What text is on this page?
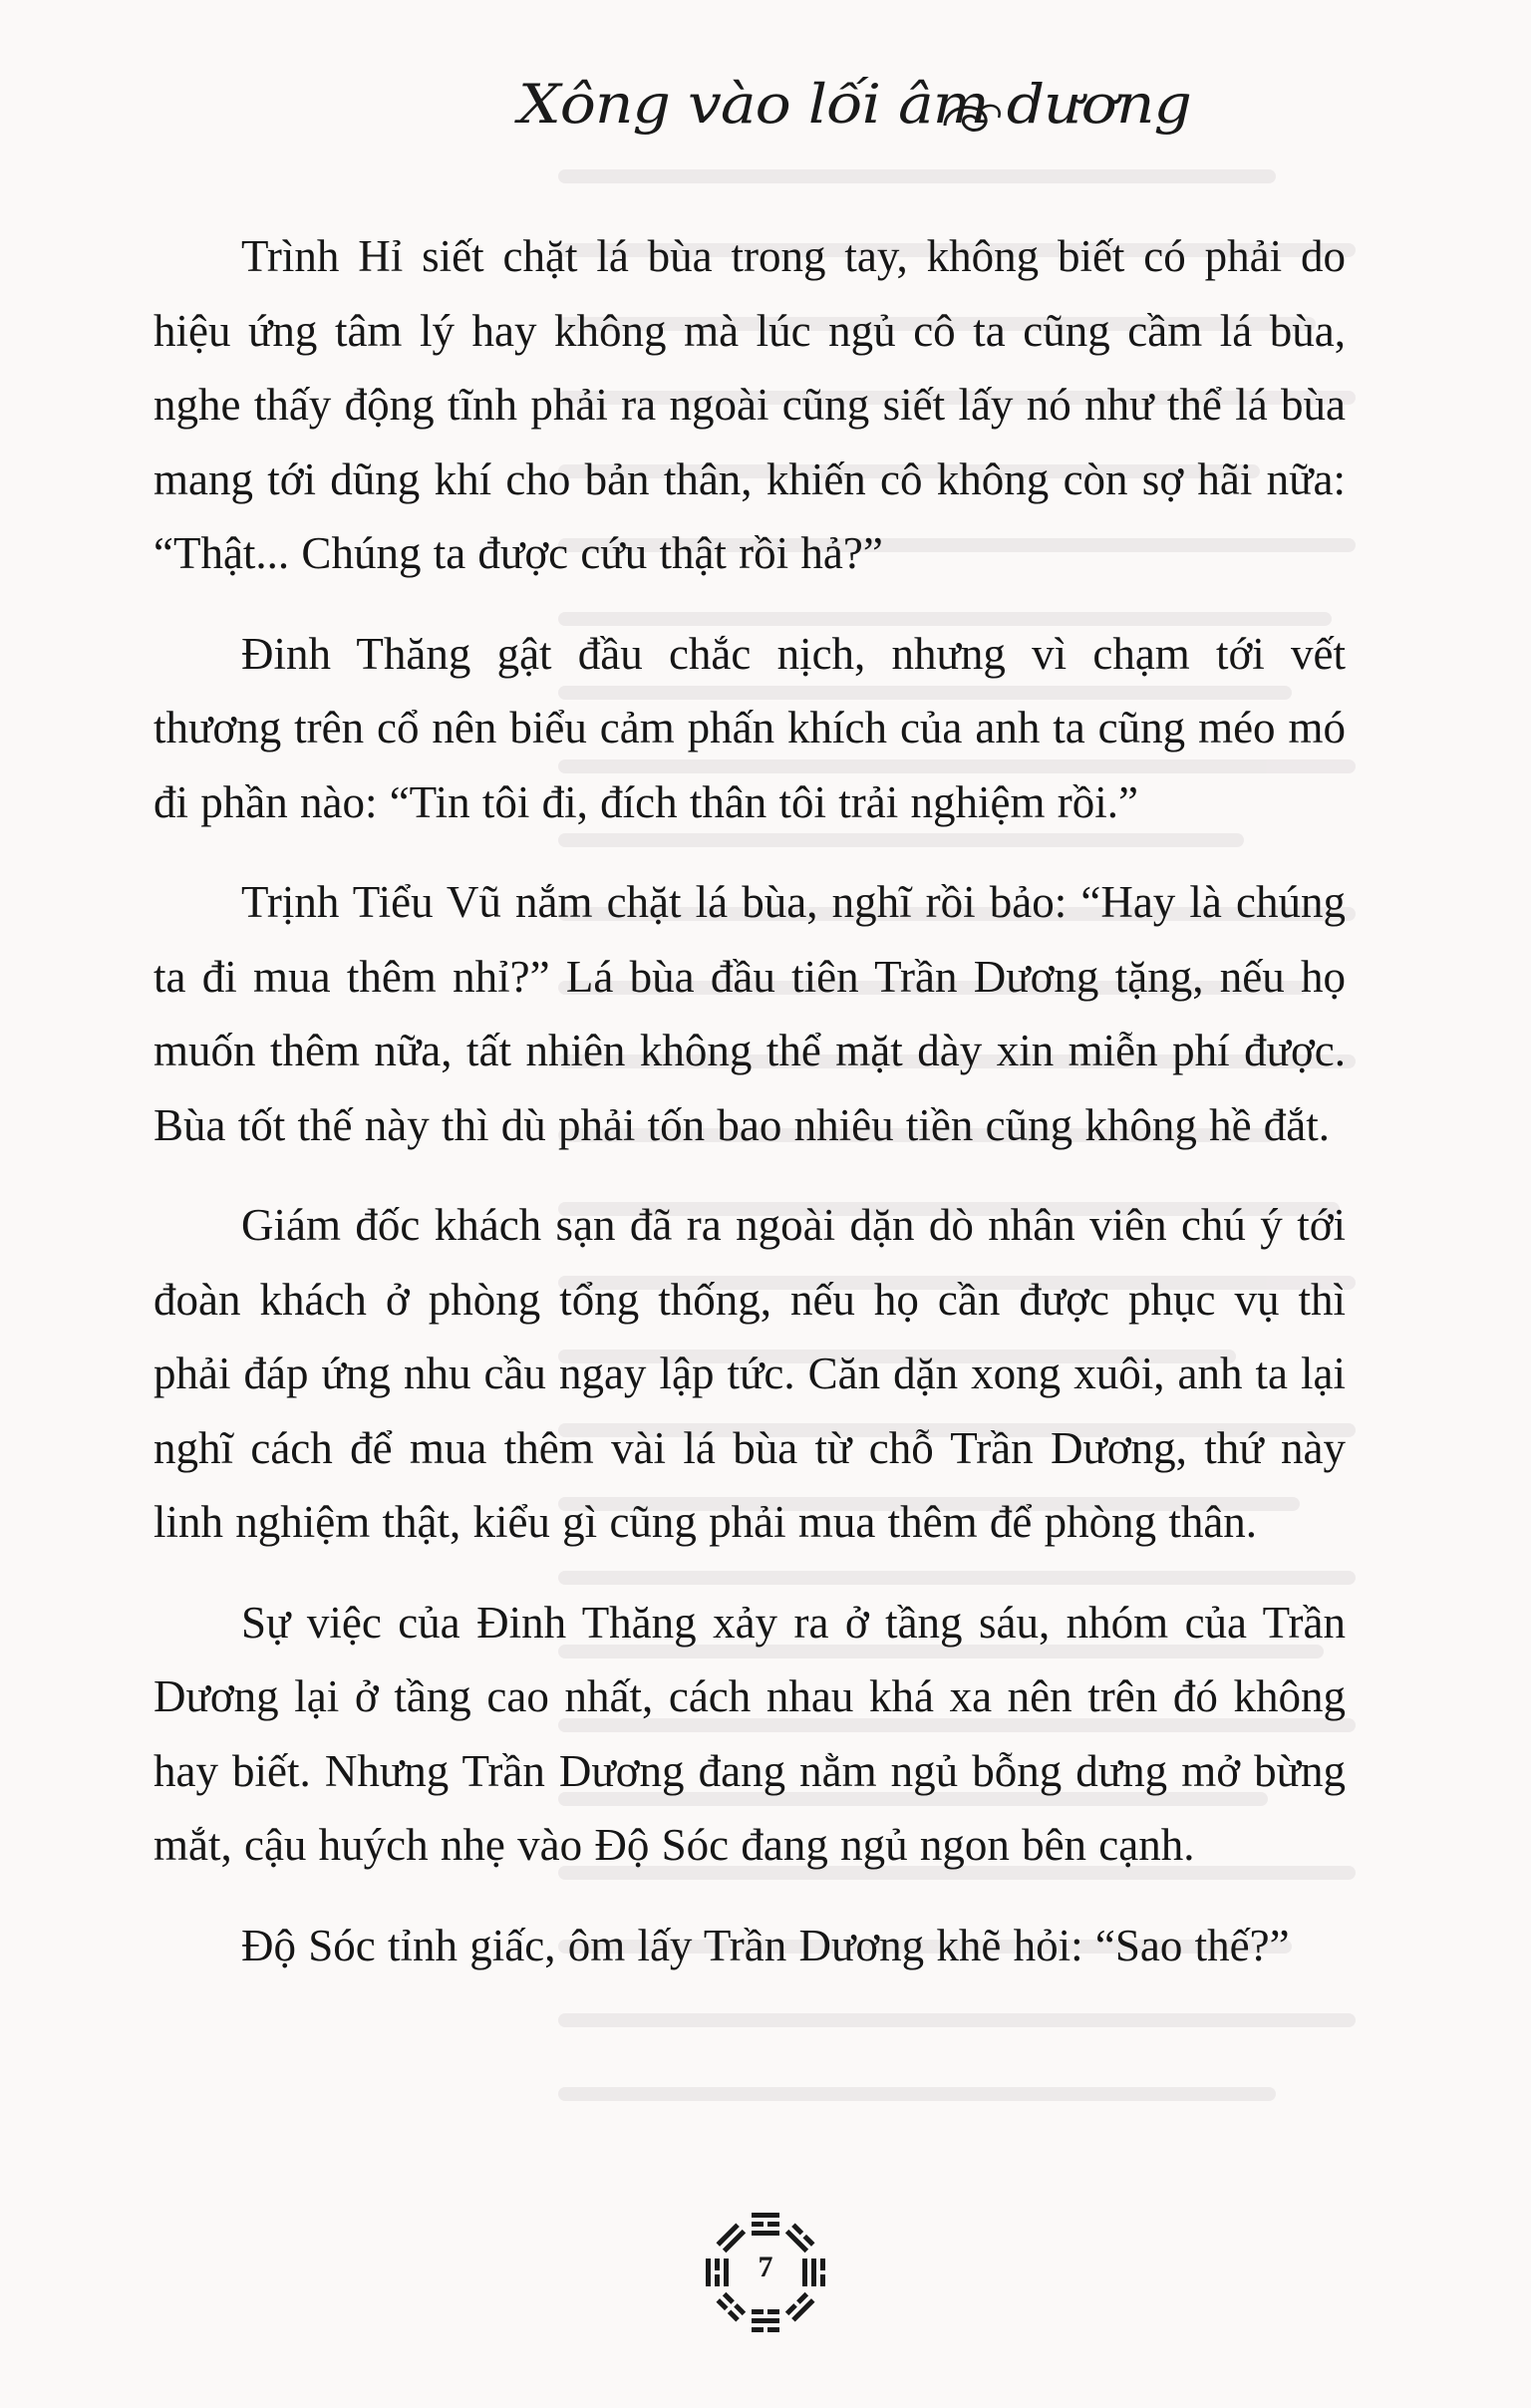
Xông vào lối âm dương

Trình Hỉ siết chặt lá bùa trong tay, không biết có phải do hiệu ứng tâm lý hay không mà lúc ngủ cô ta cũng cầm lá bùa, nghe thấy động tĩnh phải ra ngoài cũng siết lấy nó như thể lá bùa mang tới dũng khí cho bản thân, khiến cô không còn sợ hãi nữa: “Thật... Chúng ta được cứu thật rồi hả?”

Đinh Thăng gật đầu chắc nịch, nhưng vì chạm tới vết thương trên cổ nên biểu cảm phấn khích của anh ta cũng méo mó đi phần nào: “Tin tôi đi, đích thân tôi trải nghiệm rồi.”

Trịnh Tiểu Vũ nắm chặt lá bùa, nghĩ rồi bảo: “Hay là chúng ta đi mua thêm nhỉ?” Lá bùa đầu tiên Trần Dương tặng, nếu họ muốn thêm nữa, tất nhiên không thể mặt dày xin miễn phí được. Bùa tốt thế này thì dù phải tốn bao nhiêu tiền cũng không hề đắt.

Giám đốc khách sạn đã ra ngoài dặn dò nhân viên chú ý tới đoàn khách ở phòng tổng thống, nếu họ cần được phục vụ thì phải đáp ứng nhu cầu ngay lập tức. Căn dặn xong xuôi, anh ta lại nghĩ cách để mua thêm vài lá bùa từ chỗ Trần Dương, thứ này linh nghiệm thật, kiểu gì cũng phải mua thêm để phòng thân.

Sự việc của Đinh Thăng xảy ra ở tầng sáu, nhóm của Trần Dương lại ở tầng cao nhất, cách nhau khá xa nên trên đó không hay biết. Nhưng Trần Dương đang nằm ngủ bỗng dưng mở bừng mắt, cậu huých nhẹ vào Độ Sóc đang ngủ ngon bên cạnh.

Độ Sóc tỉnh giấc, ôm lấy Trần Dương khẽ hỏi: “Sao thế?”

7
